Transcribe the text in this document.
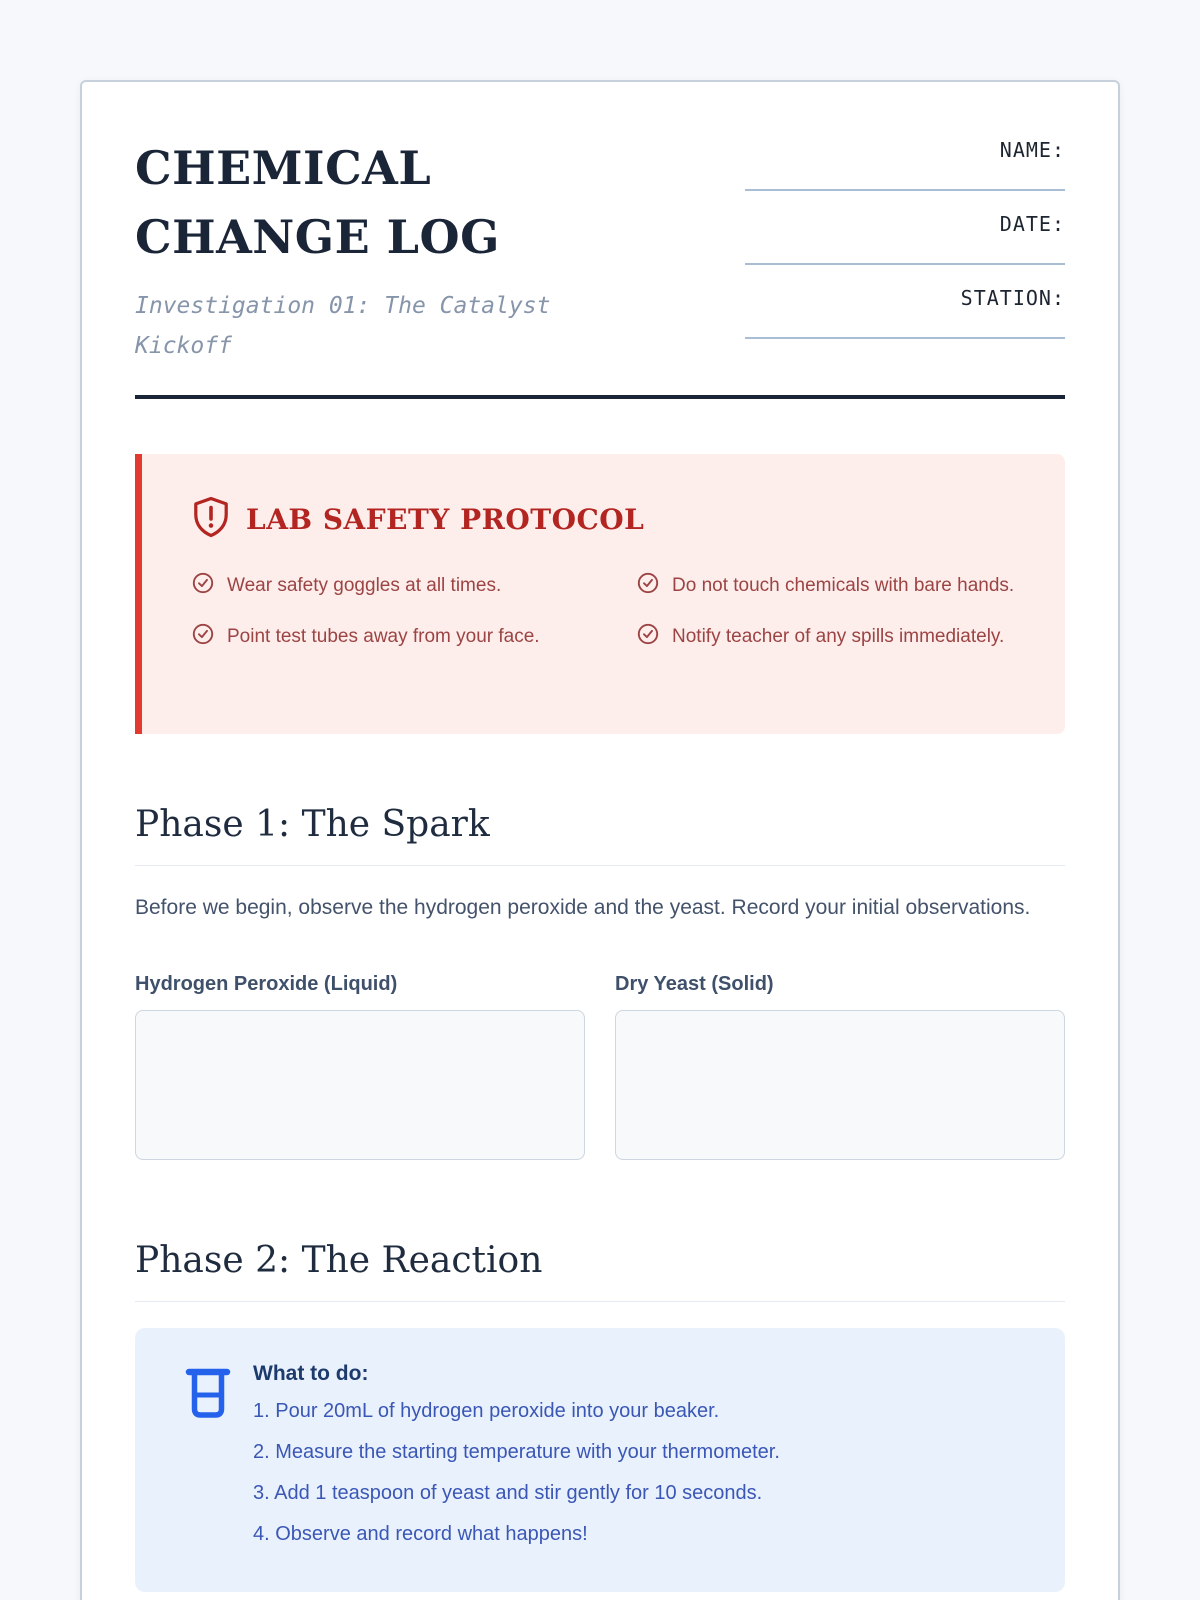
CHEMICAL CHANGE LOG
Investigation 01: The Catalyst Kickoff
NAME:
DATE:
STATION:
LAB SAFETY PROTOCOL
Wear safety goggles at all times.	Do not touch chemicals with bare hands.
Point test tubes away from your face.	Notify teacher of any spills immediately.
Phase 1: The Spark

Before we begin, observe the hydrogen peroxide and the yeast. Record your initial observations.

Hydrogen Peroxide (Liquid)	Dry Yeast (Solid)
Phase 2: The Reaction
What to do:
Pour 20mL of hydrogen peroxide into your beaker.
Measure the starting temperature with your thermometer.
Add 1 teaspoon of yeast and stir gently for 10 seconds.
Observe and record what happens!
